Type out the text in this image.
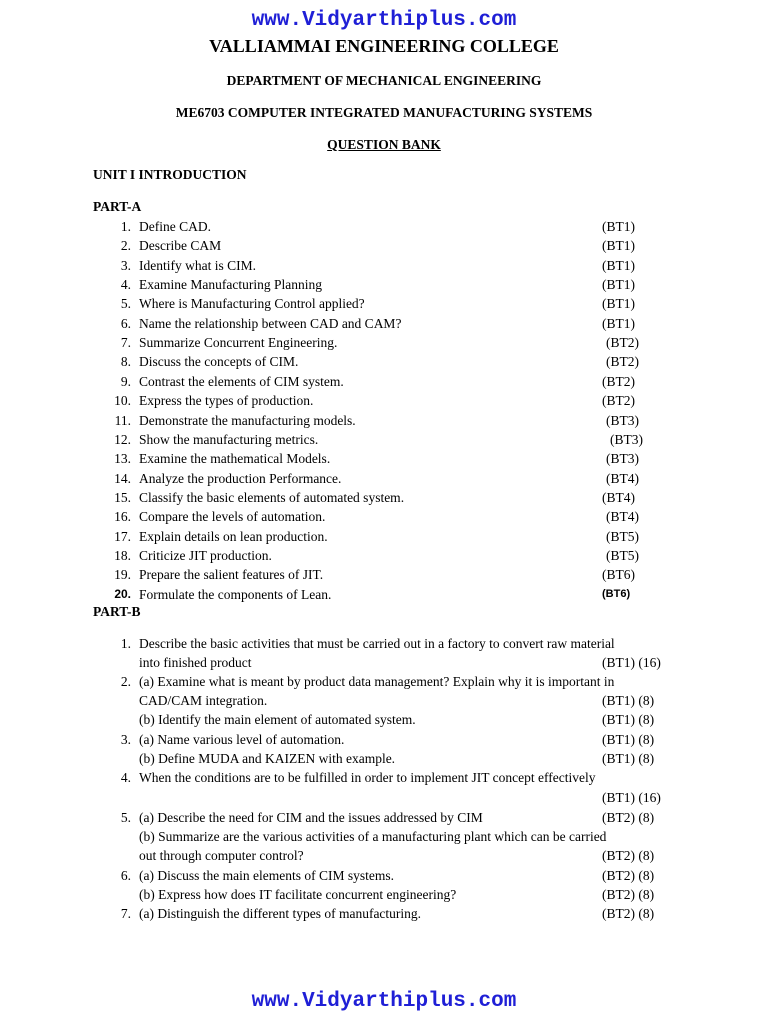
www.Vidyarthiplus.com
VALLIAMMAI ENGINEERING COLLEGE
DEPARTMENT OF MECHANICAL ENGINEERING
ME6703 COMPUTER INTEGRATED MANUFACTURING SYSTEMS
QUESTION BANK
UNIT I INTRODUCTION
PART-A
1. Define CAD.	(BT1)
2. Describe CAM	(BT1)
3. Identify what is CIM.	(BT1)
4. Examine Manufacturing Planning	(BT1)
5. Where is Manufacturing Control applied?	(BT1)
6. Name the relationship between CAD and CAM?	(BT1)
7. Summarize Concurrent Engineering.	(BT2)
8. Discuss the concepts of CIM.	(BT2)
9. Contrast the elements of CIM system.	(BT2)
10. Express the types of production.	(BT2)
11. Demonstrate the manufacturing models.	(BT3)
12. Show the manufacturing metrics.	(BT3)
13. Examine the mathematical Models.	(BT3)
14. Analyze the production Performance.	(BT4)
15. Classify the basic elements of automated system.	(BT4)
16. Compare the levels of automation.	(BT4)
17. Explain details on lean production.	(BT5)
18. Criticize JIT production.	(BT5)
19. Prepare the salient features of JIT.	(BT6)
20. Formulate the components of Lean.	(BT6)
PART-B
1. Describe the basic activities that must be carried out in a factory to convert raw material
into finished product	(BT1) (16)
2. (a) Examine what is meant by product data management? Explain why it is important in
CAD/CAM integration.	(BT1) (8)
(b) Identify the main element of automated system.	(BT1) (8)
3. (a) Name various level of automation.	(BT1) (8)
(b) Define MUDA and KAIZEN with example.	(BT1) (8)
4. When the conditions are to be fulfilled in order to implement JIT concept effectively
(BT1) (16)
5. (a) Describe the need for CIM and the issues addressed by CIM	(BT2) (8)
(b) Summarize are the various activities of a manufacturing plant which can be carried
out through computer control?	(BT2) (8)
6. (a) Discuss the main elements of CIM systems.	(BT2) (8)
(b) Express how does IT facilitate concurrent engineering?	(BT2) (8)
7. (a) Distinguish the different types of manufacturing.	(BT2) (8)
www.Vidyarthiplus.com
